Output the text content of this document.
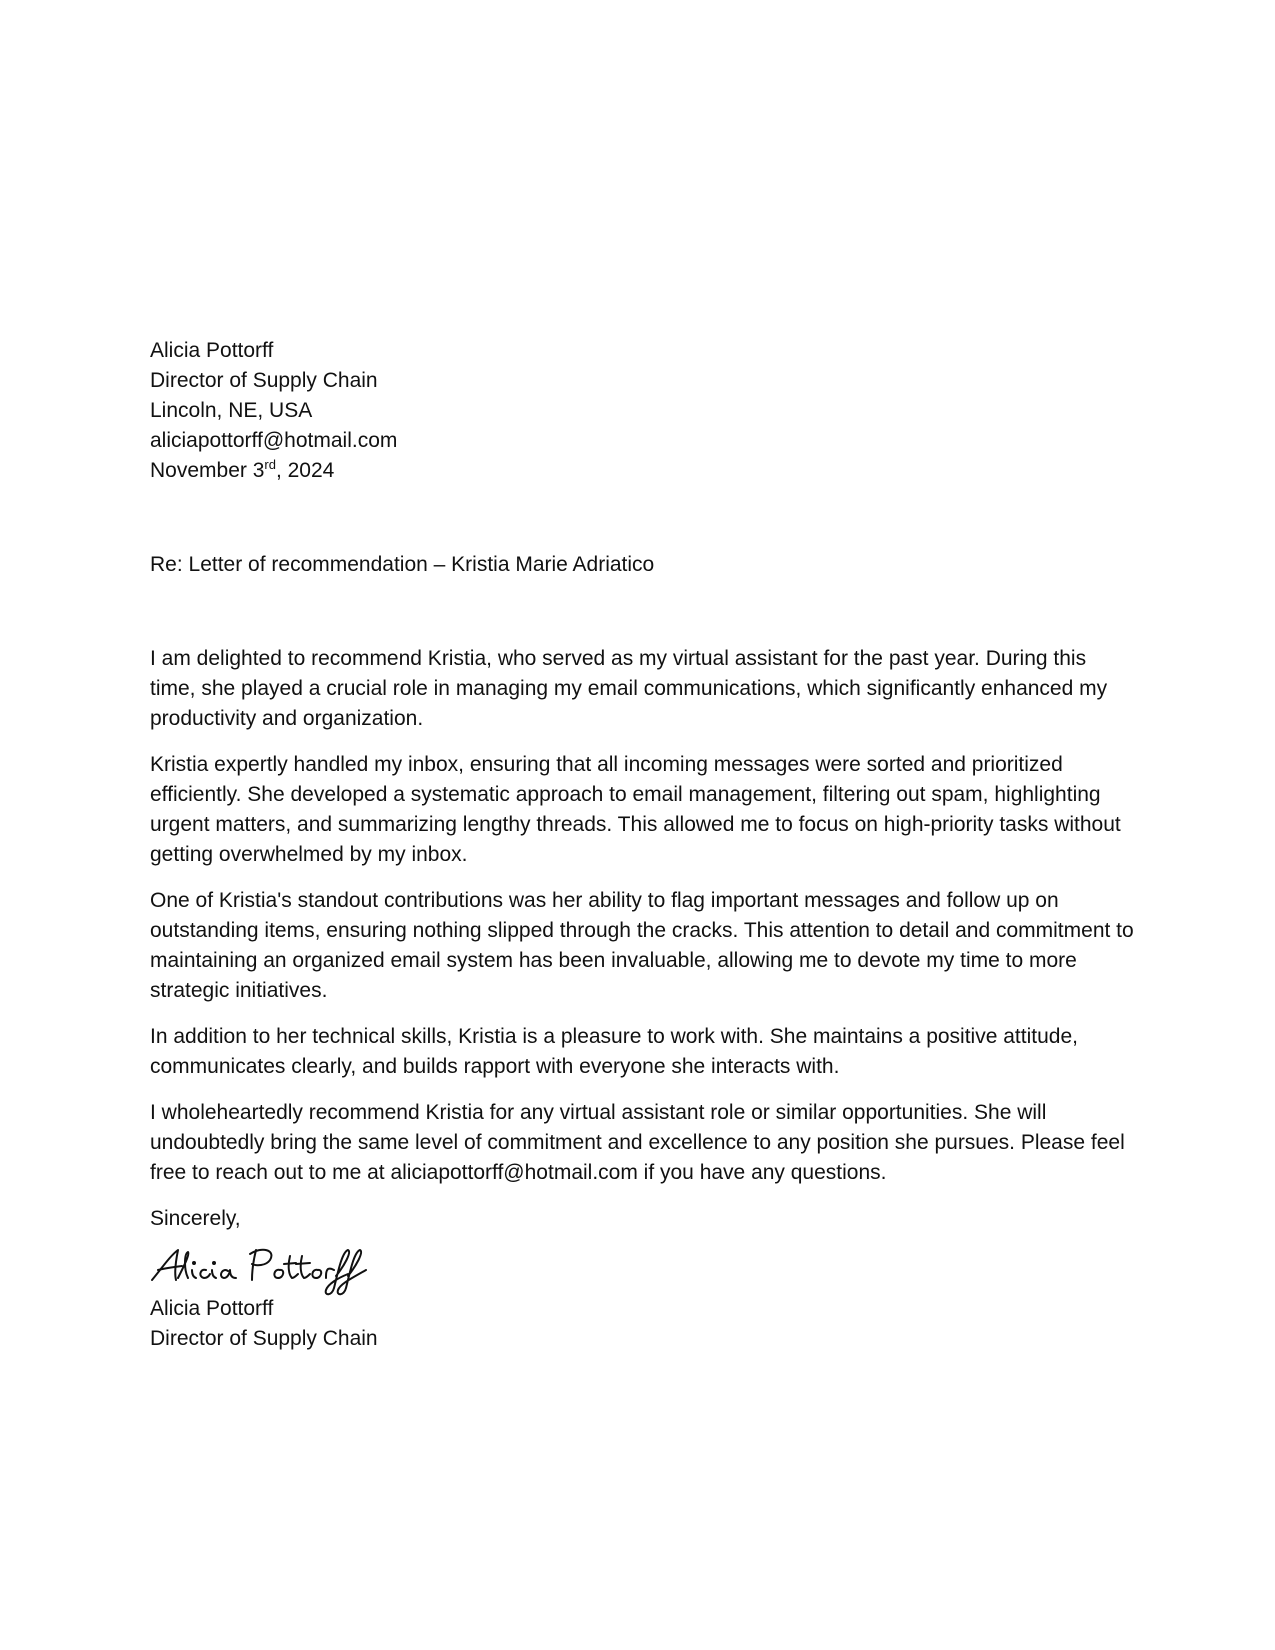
Alicia Pottorff
Director of Supply Chain
Lincoln, NE, USA
aliciapottorff@hotmail.com
November 3rd, 2024
Re: Letter of recommendation – Kristia Marie Adriatico

I am delighted to recommend Kristia, who served as my virtual assistant for the past year. During this time, she played a crucial role in managing my email communications, which significantly enhanced my productivity and organization.

Kristia expertly handled my inbox, ensuring that all incoming messages were sorted and prioritized efficiently. She developed a systematic approach to email management, filtering out spam, highlighting urgent matters, and summarizing lengthy threads. This allowed me to focus on high-priority tasks without getting overwhelmed by my inbox.

One of Kristia's standout contributions was her ability to flag important messages and follow up on outstanding items, ensuring nothing slipped through the cracks. This attention to detail and commitment to maintaining an organized email system has been invaluable, allowing me to devote my time to more strategic initiatives.

In addition to her technical skills, Kristia is a pleasure to work with. She maintains a positive attitude, communicates clearly, and builds rapport with everyone she interacts with.

I wholeheartedly recommend Kristia for any virtual assistant role or similar opportunities. She will undoubtedly bring the same level of commitment and excellence to any position she pursues. Please feel free to reach out to me at aliciapottorff@hotmail.com if you have any questions.

Sincerely,
Alicia Pottorff
Director of Supply Chain
